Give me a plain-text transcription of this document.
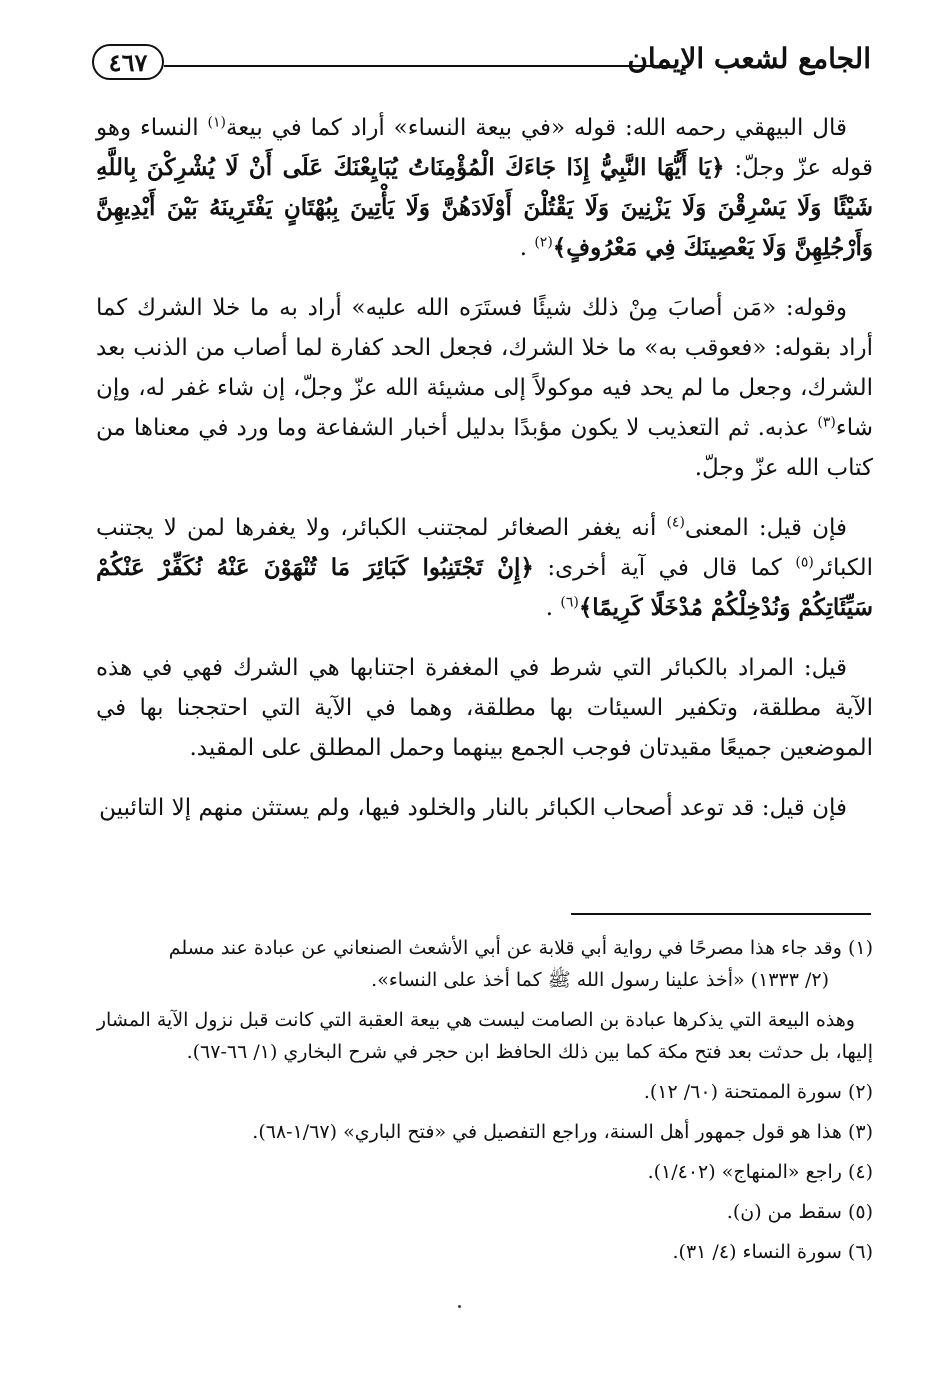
٤٦٧	الجامع لشعب الإيمان

قال البيهقي رحمه الله: قوله «في بيعة النساء» أراد كما في بيعة$^{(١)}$ النساء وهو قوله عزّ وجلّ: ﴿يَا أَيُّهَا النَّبِيُّ إِذَا جَاءَكَ الْمُؤْمِنَاتُ يُبَايِعْنَكَ عَلَى أَنْ لَا يُشْرِكْنَ بِاللَّهِ شَيْئًا وَلَا يَسْرِقْنَ وَلَا يَزْنِينَ وَلَا يَقْتُلْنَ أَوْلَادَهُنَّ وَلَا يَأْتِينَ بِبُهْتَانٍ يَفْتَرِينَهُ بَيْنَ أَيْدِيهِنَّ وَأَرْجُلِهِنَّ وَلَا يَعْصِينَكَ فِي مَعْرُوفٍ﴾$^{(٢)}$ .

وقوله: «مَن أصابَ مِنْ ذلك شيئًا فستَرَه الله عليه» أراد به ما خلا الشرك كما أراد بقوله: «فعوقب به» ما خلا الشرك، فجعل الحد كفارة لما أصاب من الذنب بعد الشرك، وجعل ما لم يحد فيه موكولاً إلى مشيئة الله عزّ وجلّ، إن شاء غفر له، وإن شاء$^{(٣)}$ عذبه. ثم التعذيب لا يكون مؤبدًا بدليل أخبار الشفاعة وما ورد في معناها من كتاب الله عزّ وجلّ.

فإن قيل: المعنى$^{(٤)}$ أنه يغفر الصغائر لمجتنب الكبائر، ولا يغفرها لمن لا يجتنب الكبائر$^{(٥)}$ كما قال في آية أخرى: ﴿إِنْ تَجْتَنِبُوا كَبَائِرَ مَا تُنْهَوْنَ عَنْهُ نُكَفِّرْ عَنْكُمْ سَيِّئَاتِكُمْ وَنُدْخِلْكُمْ مُدْخَلًا كَرِيمًا﴾$^{(٦)}$ .

قيل: المراد بالكبائر التي شرط في المغفرة اجتنابها هي الشرك فهي في هذه الآية مطلقة، وتكفير السيئات بها مطلقة، وهما في الآية التي احتججنا بها في الموضعين جميعًا مقيدتان فوجب الجمع بينهما وحمل المطلق على المقيد.

فإن قيل: قد توعد أصحاب الكبائر بالنار والخلود فيها، ولم يستثن منهم إلا التائبين

(١) وقد جاء هذا مصرحًا في رواية أبي قلابة عن أبي الأشعث الصنعاني عن عبادة عند مسلم
(٢/ ١٣٣٣) «أخذ علينا رسول الله ﷺ كما أخذ على النساء».
وهذه البيعة التي يذكرها عبادة بن الصامت ليست هي بيعة العقبة التي كانت قبل نزول الآية المشار إليها، بل حدثت بعد فتح مكة كما بين ذلك الحافظ ابن حجر في شرح البخاري (١/ ٦٦-٦٧).
(٢) سورة الممتحنة (٦٠/ ١٢).
(٣) هذا هو قول جمهور أهل السنة، وراجع التفصيل في «فتح الباري» (١/٦٧-٦٨).
(٤) راجع «المنهاج» (١/٤٠٢).
(٥) سقط من (ن).
(٦) سورة النساء (٤/ ٣١).
